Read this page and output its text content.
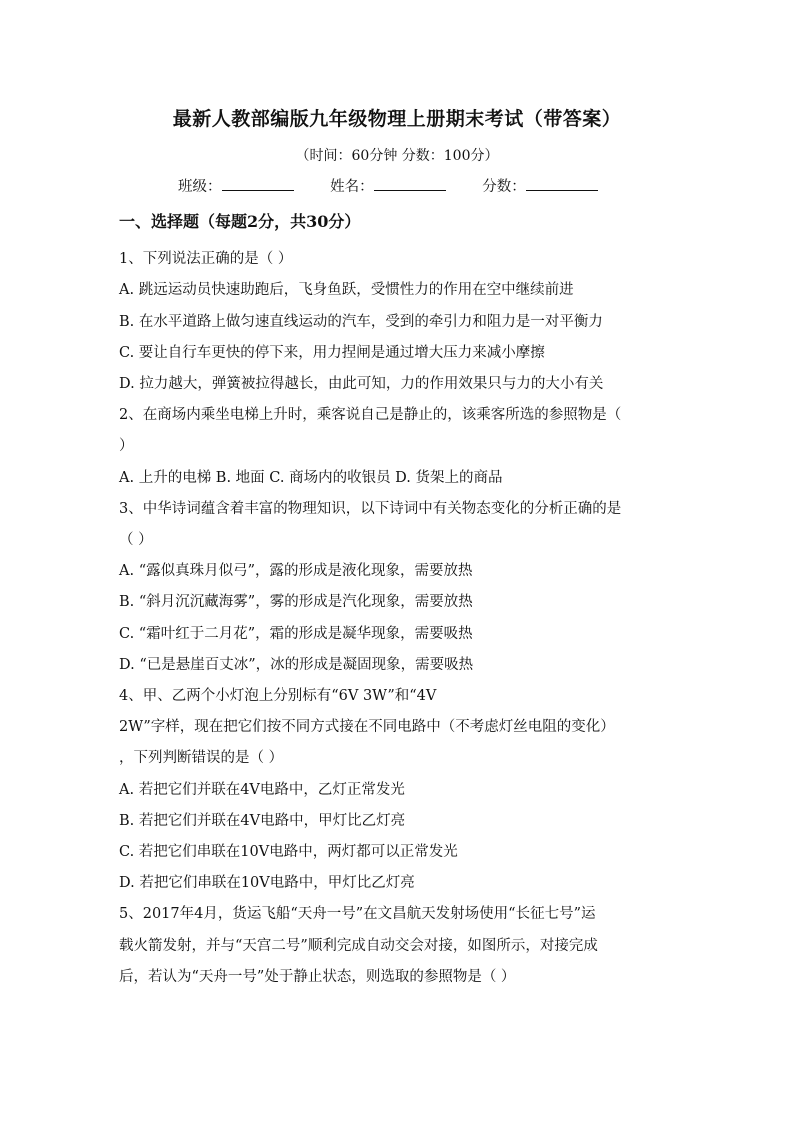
最新人教部编版九年级物理上册期末考试（带答案）
（时间：60分钟 分数：100分）
班级：	姓名：	分数：
一、选择题（每题2分，共30分）
1、下列说法正确的是（ ）
A. 跳远运动员快速助跑后，飞身鱼跃，受惯性力的作用在空中继续前进
B. 在水平道路上做匀速直线运动的汽车，受到的牵引力和阻力是一对平衡力
C. 要让自行车更快的停下来，用力捏闸是通过增大压力来减小摩擦
D. 拉力越大，弹簧被拉得越长，由此可知，力的作用效果只与力的大小有关
2、在商场内乘坐电梯上升时，乘客说自己是静止的，该乘客所选的参照物是（
）
A. 上升的电梯 B. 地面 C. 商场内的收银员 D. 货架上的商品
3、中华诗词蕴含着丰富的物理知识，以下诗词中有关物态变化的分析正确的是
（ ）
A. “露似真珠月似弓”，露的形成是液化现象，需要放热
B. “斜月沉沉藏海雾”，雾的形成是汽化现象，需要放热
C. “霜叶红于二月花”，霜的形成是凝华现象，需要吸热
D. “已是悬崖百丈冰”，冰的形成是凝固现象，需要吸热
4、甲、乙两个小灯泡上分别标有“6V 3W”和“4V
2W”字样，现在把它们按不同方式接在不同电路中（不考虑灯丝电阻的变化）
，下列判断错误的是（ ）
A. 若把它们并联在4V电路中，乙灯正常发光
B. 若把它们并联在4V电路中，甲灯比乙灯亮
C. 若把它们串联在10V电路中，两灯都可以正常发光
D. 若把它们串联在10V电路中，甲灯比乙灯亮
5、2017年4月，货运飞船“天舟一号”在文昌航天发射场使用“长征七号”运
载火箭发射，并与“天宫二号”顺利完成自动交会对接，如图所示，对接完成
后，若认为“天舟一号”处于静止状态，则选取的参照物是（ ）
